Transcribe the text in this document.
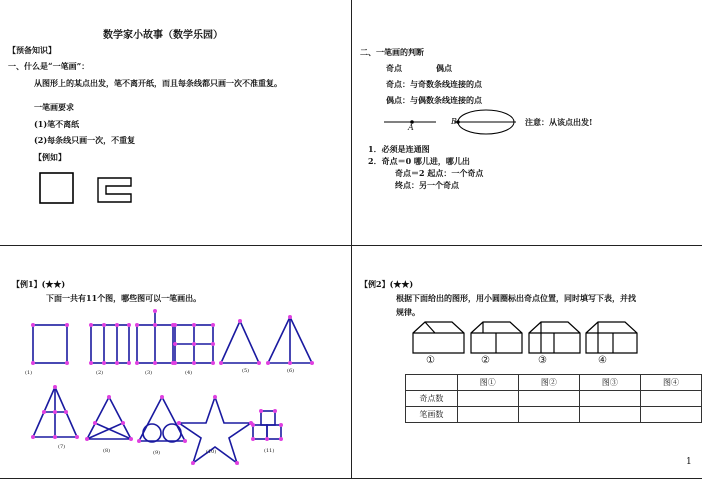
数学家小故事（数学乐园）
【预备知识】
一、什么是“一笔画”：
从图形上的某点出发，笔不离开纸，而且每条线都只画一次不准重复。
一笔画要求
(1)笔不离纸
(2)每条线只画一次，不重复
【例如】
二、一笔画的判断
奇点	偶点
奇点：与奇数条线连接的点
偶点：与偶数条线连接的点
A
B	注意：从该点出发!
1．必须是连通图
2．奇点＝0 哪儿进，哪儿出
奇点＝2 起点：一个奇点
终点：另一个奇点
【例1】(★★)
下面一共有11个图，哪些图可以一笔画出。
(1)	(2)	(3)	(4)	(5)	(6)
(7)
(8)	(9)	(10)	(11)
【例2】(★★)
根据下面给出的图形，用小圆圈标出奇点位置，同时填写下表，并找
规律。
①	②	③	④
	图①	图②	图③	图④
奇点数				
笔画数				
1
